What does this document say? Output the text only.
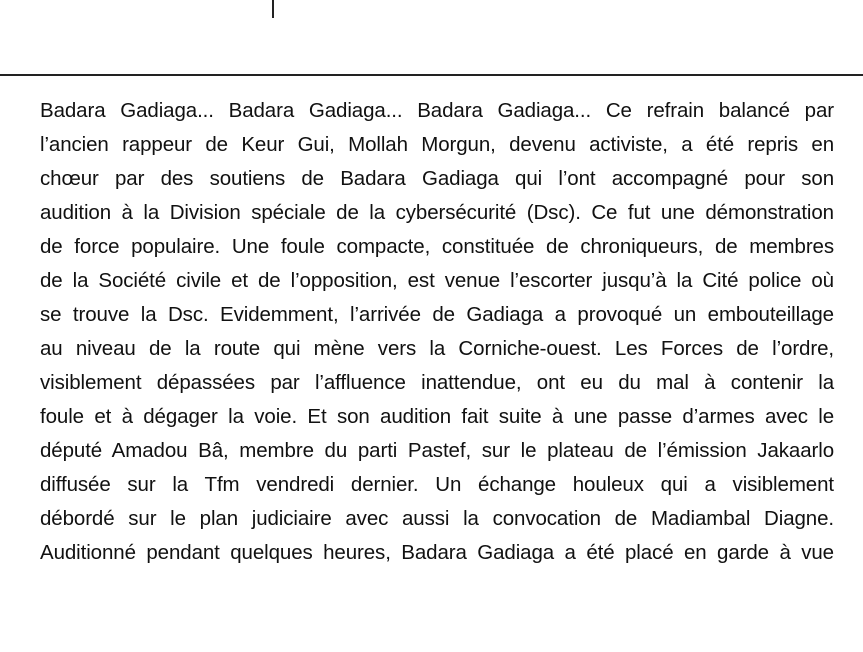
Badara Gadiaga... Badara Gadiaga... Badara Gadiaga... Ce refrain balancé par
l’ancien rappeur de Keur Gui, Mollah Morgun, devenu activiste, a été repris en
chœur par des soutiens de Badara Gadiaga qui l’ont accompagné pour son
audition à la Division spéciale de la cybersécurité (Dsc). Ce fut une démonstration
de force populaire. Une foule compacte, constituée de chroniqueurs, de membres
de la Société civile et de l’opposition, est venue l’escorter jusqu’à la Cité police où
se trouve la Dsc. Evidemment, l’arrivée de Gadiaga a provoqué un embouteillage
au niveau de la route qui mène vers la Corniche-ouest. Les Forces de l’ordre,
visiblement dépassées par l’affluence inattendue, ont eu du mal à contenir la
foule et à dégager la voie. Et son audition fait suite à une passe d’armes avec le
député Amadou Bâ, membre du parti Pastef, sur le plateau de l’émission Jakaarlo
diffusée sur la Tfm vendredi dernier. Un échange houleux qui a visiblement
débordé sur le plan judiciaire avec aussi la convocation de Madiambal Diagne.
Auditionné pendant quelques heures, Badara Gadiaga a été placé en garde à vue
